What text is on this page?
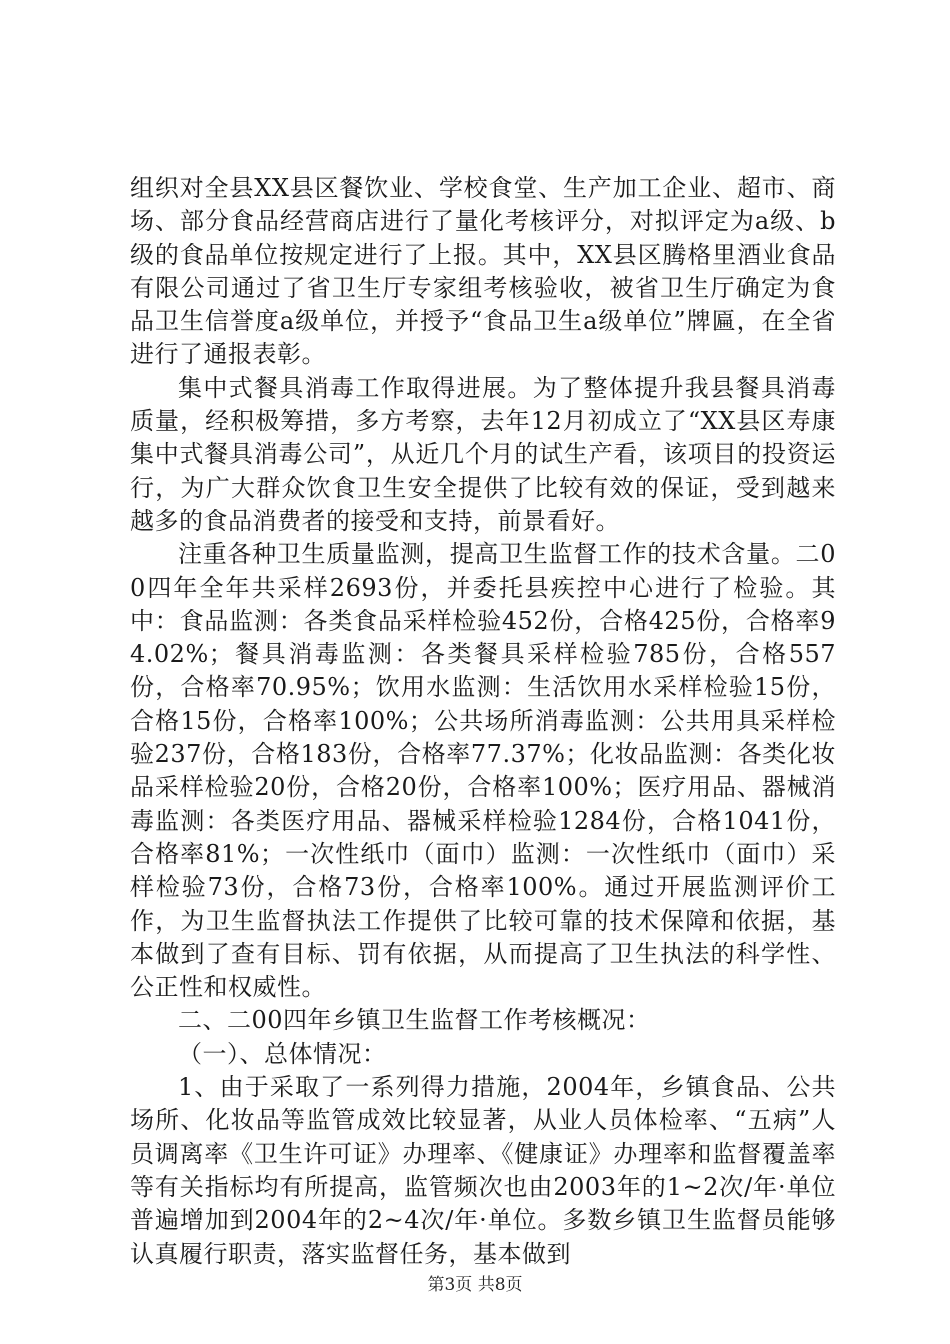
组织对全县XX县区餐饮业、学校食堂、生产加工企业、超市、商场、部分食品经营商店进行了量化考核评分，对拟评定为a级、b级的食品单位按规定进行了上报。其中，XX县区腾格里酒业食品有限公司通过了省卫生厅专家组考核验收，被省卫生厅确定为食品卫生信誉度a级单位，并授予“食品卫生a级单位”牌匾，在全省进行了通报表彰。

集中式餐具消毒工作取得进展。为了整体提升我县餐具消毒质量，经积极筹措，多方考察，去年12月初成立了“XX县区寿康集中式餐具消毒公司”，从近几个月的试生产看，该项目的投资运行，为广大群众饮食卫生安全提供了比较有效的保证，受到越来越多的食品消费者的接受和支持，前景看好。

注重各种卫生质量监测，提高卫生监督工作的技术含量。二00四年全年共采样2693份，并委托县疾控中心进行了检验。其中：食品监测：各类食品采样检验452份，合格425份，合格率94.02%；餐具消毒监测：各类餐具采样检验785份，合格557份，合格率70.95%；饮用水监测：生活饮用水采样检验15份，合格15份，合格率100%；公共场所消毒监测：公共用具采样检验237份，合格183份，合格率77.37%；化妆品监测：各类化妆品采样检验20份，合格20份，合格率100%；医疗用品、器械消毒监测：各类医疗用品、器械采样检验1284份，合格1041份，合格率81%；一次性纸巾（面巾）监测：一次性纸巾（面巾）采样检验73份，合格73份，合格率100%。通过开展监测评价工作，为卫生监督执法工作提供了比较可靠的技术保障和依据，基本做到了查有目标、罚有依据，从而提高了卫生执法的科学性、公正性和权威性。

二、二00四年乡镇卫生监督工作考核概况：

（一）、总体情况：

1、由于采取了一系列得力措施，2004年，乡镇食品、公共场所、化妆品等监管成效比较显著，从业人员体检率、“五病”人员调离率《卫生许可证》办理率、《健康证》办理率和监督覆盖率等有关指标均有所提高，监管频次也由2003年的1~2次/年·单位普遍增加到2004年的2~4次/年·单位。多数乡镇卫生监督员能够认真履行职责，落实监督任务，基本做到

第3页 共8页
